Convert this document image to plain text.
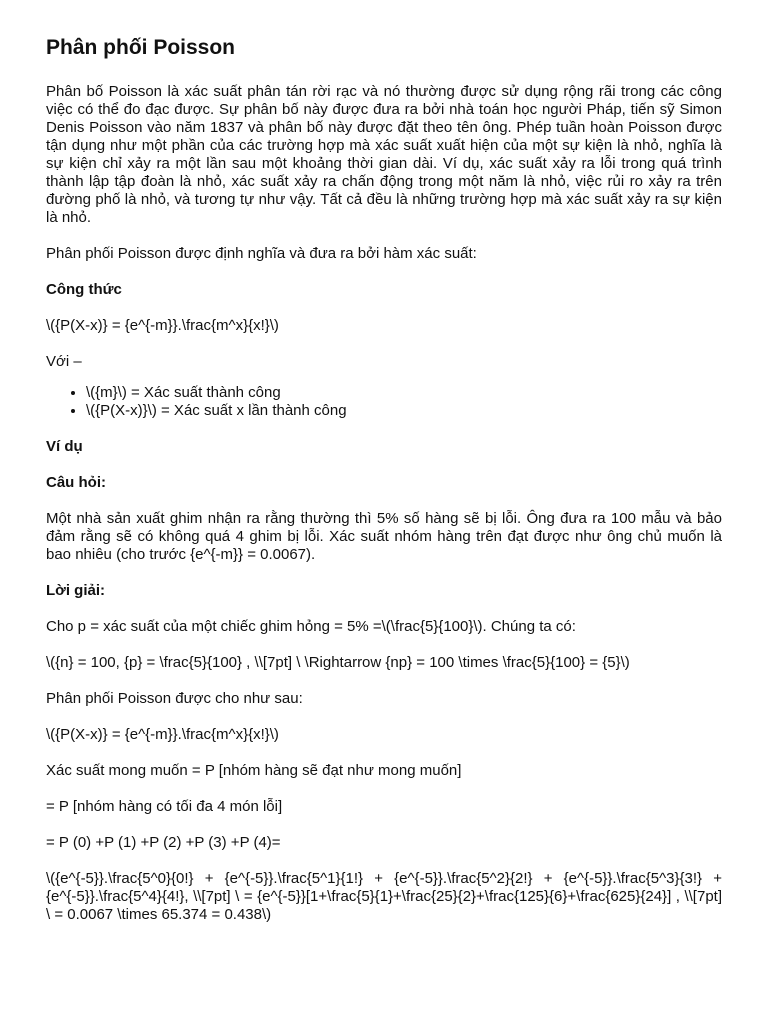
Phân phối Poisson

Phân bố Poisson là xác suất phân tán rời rạc và nó thường được sử dụng rộng rãi trong các công việc có thể đo đạc được. Sự phân bố này được đưa ra bởi nhà toán học người Pháp, tiến sỹ Simon Denis Poisson vào năm 1837 và phân bố này được đặt theo tên ông. Phép tuần hoàn Poisson được tận dụng như một phần của các trường hợp mà xác suất xuất hiện của một sự kiện là nhỏ, nghĩa là sự kiện chỉ xảy ra một lần sau một khoảng thời gian dài. Ví dụ, xác suất xảy ra lỗi trong quá trình thành lập tập đoàn là nhỏ, xác suất xảy ra chấn động trong một năm là nhỏ, việc rủi ro xảy ra trên đường phố là nhỏ, và tương tự như vậy. Tất cả đều là những trường hợp mà xác suất xảy ra sự kiện là nhỏ.

Phân phối Poisson được định nghĩa và đưa ra bởi hàm xác suất:

Công thức

\({P(X-x)} = {e^{-m}}.\frac{m^x}{x!}\)

Với –

• \({m}\) = Xác suất thành công
• \({P(X-x)}\) = Xác suất x lần thành công

Ví dụ

Câu hỏi:

Một nhà sản xuất ghim nhận ra rằng thường thì 5% số hàng sẽ bị lỗi. Ông đưa ra 100 mẫu và bảo đảm rằng sẽ có không quá 4 ghim bị lỗi. Xác suất nhóm hàng trên đạt được như ông chủ muốn là bao nhiêu (cho trước {e^{-m}} = 0.0067).

Lời giải:

Cho p = xác suất của một chiếc ghim hỏng = 5% =\(\frac{5}{100}\). Chúng ta có:

\({n} = 100, {p} = \frac{5}{100} , \\[7pt] \ \Rightarrow {np} = 100 \times \frac{5}{100} = {5}\)

Phân phối Poisson được cho như sau:

\({P(X-x)} = {e^{-m}}.\frac{m^x}{x!}\)

Xác suất mong muốn = P [nhóm hàng sẽ đạt như mong muốn]

= P [nhóm hàng có tối đa 4 món lỗi]

= P (0) +P (1) +P (2) +P (3) +P (4)=

\({e^{-5}}.\frac{5^0}{0!} + {e^{-5}}.\frac{5^1}{1!} + {e^{-5}}.\frac{5^2}{2!} + {e^{-5}}.\frac{5^3}{3!} + {e^{-5}}.\frac{5^4}{4!}, \\[7pt] \ = {e^{-5}}[1+\frac{5}{1}+\frac{25}{2}+\frac{125}{6}+\frac{625}{24}] , \\[7pt] \ = 0.0067 \times 65.374 = 0.438\)
